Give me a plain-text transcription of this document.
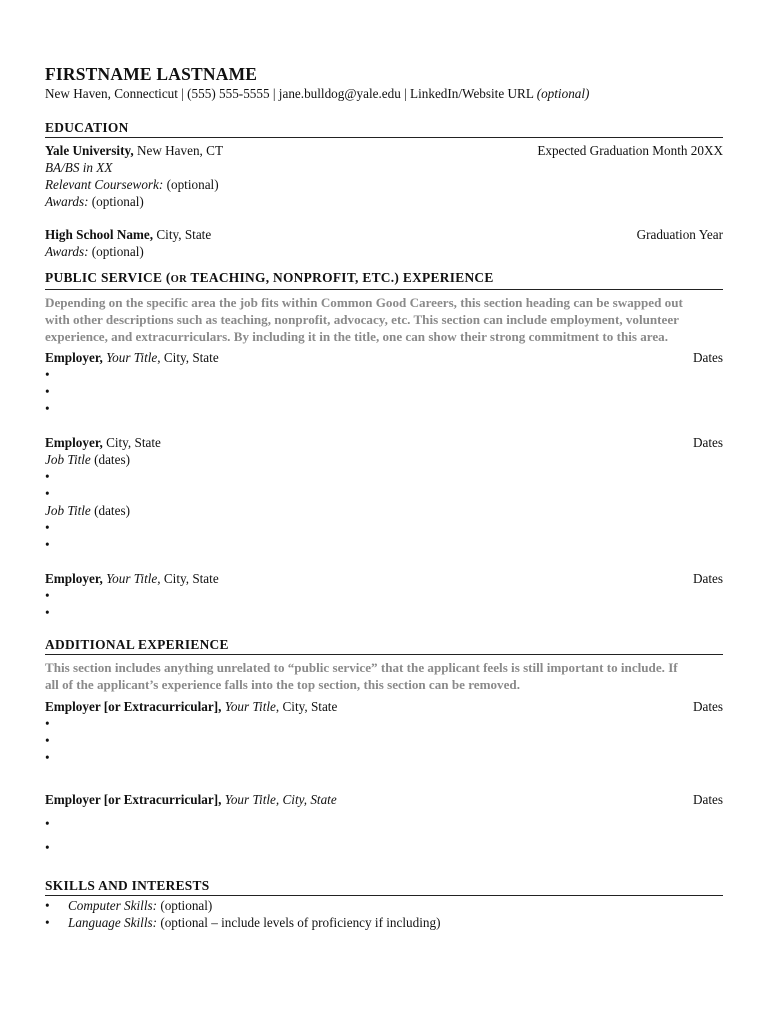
FIRSTNAME LASTNAME
New Haven, Connecticut | (555) 555-5555 | jane.bulldog@yale.edu | LinkedIn/Website URL (optional)
EDUCATION
Yale University, New Haven, CT	Expected Graduation Month 20XX
BA/BS in XX
Relevant Coursework: (optional)
Awards: (optional)
High School Name, City, State	Graduation Year
Awards: (optional)
PUBLIC SERVICE (OR TEACHING, NONPROFIT, ETC.) EXPERIENCE
Depending on the specific area the job fits within Common Good Careers, this section heading can be swapped out
with other descriptions such as teaching, nonprofit, advocacy, etc. This section can include employment, volunteer
experience, and extracurriculars. By including it in the title, one can show their strong commitment to this area.
Employer, Your Title, City, State	Dates
•
•
•
Employer, City, State	Dates
Job Title (dates)
•
•
Job Title (dates)
•
•
Employer, Your Title, City, State	Dates
•
•
ADDITIONAL EXPERIENCE
This section includes anything unrelated to “public service” that the applicant feels is still important to include. If
all of the applicant’s experience falls into the top section, this section can be removed.
Employer [or Extracurricular], Your Title, City, State	Dates
•
•
•
Employer [or Extracurricular], Your Title, City, State	Dates
•
•
SKILLS AND INTERESTS
•	Computer Skills: (optional)
•	Language Skills: (optional – include levels of proficiency if including)
